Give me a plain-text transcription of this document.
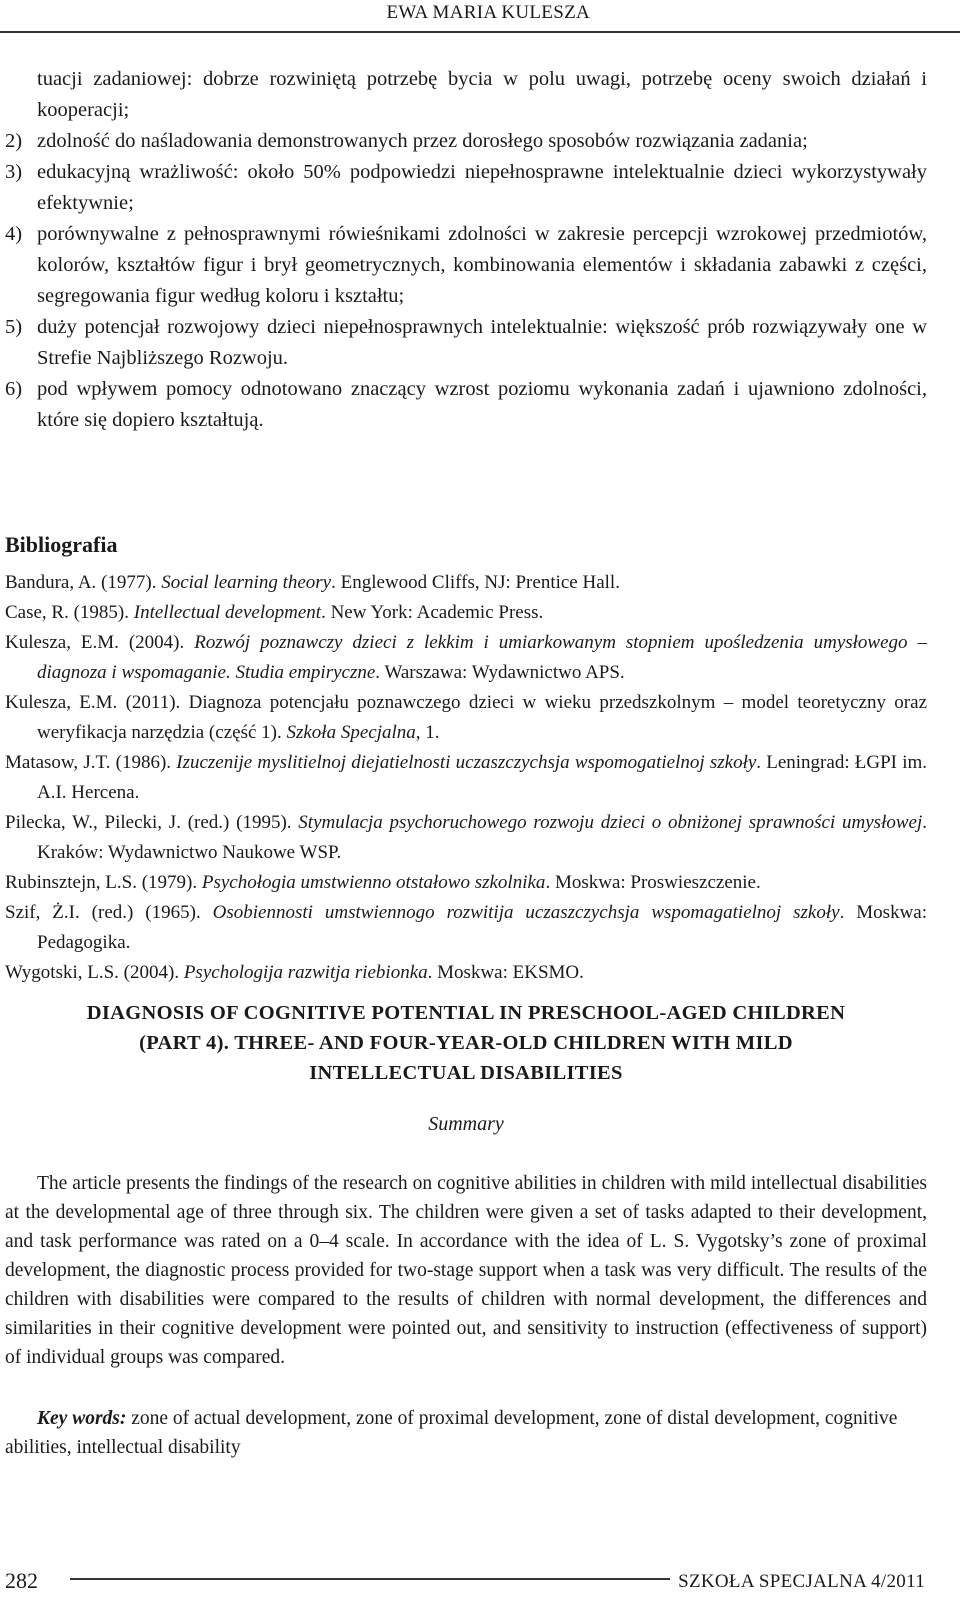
EWA MARIA KULESZA

tuacji zadaniowej: dobrze rozwiniętą potrzebę bycia w polu uwagi, potrzebę oceny swoich działań i kooperacji;

2) zdolność do naśladowania demonstrowanych przez dorosłego sposobów rozwiązania zadania;

3) edukacyjną wrażliwość: około 50% podpowiedzi niepełnosprawne intelektualnie dzieci wykorzystywały efektywnie;

4) porównywalne z pełnosprawnymi rówieśnikami zdolności w zakresie percepcji wzrokowej przedmiotów, kolorów, kształtów figur i brył geometrycznych, kombinowania elementów i składania zabawki z części, segregowania figur według koloru i kształtu;

5) duży potencjał rozwojowy dzieci niepełnosprawnych intelektualnie: większość prób rozwiązywały one w Strefie Najbliższego Rozwoju.

6) pod wpływem pomocy odnotowano znaczący wzrost poziomu wykonania zadań i ujawniono zdolności, które się dopiero kształtują.

Bibliografia

Bandura, A. (1977). Social learning theory. Englewood Cliffs, NJ: Prentice Hall.

Case, R. (1985). Intellectual development. New York: Academic Press.

Kulesza, E.M. (2004). Rozwój poznawczy dzieci z lekkim i umiarkowanym stopniem upośledzenia umysłowego – diagnoza i wspomaganie. Studia empiryczne. Warszawa: Wydawnictwo APS.

Kulesza, E.M. (2011). Diagnoza potencjału poznawczego dzieci w wieku przedszkolnym – model teoretyczny oraz weryfikacja narzędzia (część 1). Szkoła Specjalna, 1.

Matasow, J.T. (1986). Izuczenije myslitielnoj diejatielnosti uczaszczychsja wspomogatielnoj szkoły. Leningrad: ŁGPI im. A.I. Hercena.

Pilecka, W., Pilecki, J. (red.) (1995). Stymulacja psychoruchowego rozwoju dzieci o obniżonej sprawności umysłowej. Kraków: Wydawnictwo Naukowe WSP.

Rubinsztejn, L.S. (1979). Psychołogia umstwienno otstałowo szkolnika. Moskwa: Proswieszczenie.

Szif, Ż.I. (red.) (1965). Osobiennosti umstwiennogo rozwitija uczaszczychsja wspomagatielnoj szkoły. Moskwa: Pedagogika.

Wygotski, L.S. (2004). Psychologija razwitja riebionka. Moskwa: EKSMO.

DIAGNOSIS OF COGNITIVE POTENTIAL IN PRESCHOOL-AGED CHILDREN
(PART 4). THREE- AND FOUR-YEAR-OLD CHILDREN WITH MILD
INTELLECTUAL DISABILITIES
Summary

The article presents the findings of the research on cognitive abilities in children with mild intellectual disabilities at the developmental age of three through six. The children were given a set of tasks adapted to their development, and task performance was rated on a 0–4 scale. In accordance with the idea of L. S. Vygotsky’s zone of proximal development, the diagnostic process provided for two-stage support when a task was very difficult. The results of the children with disabilities were compared to the results of children with normal development, the differences and similarities in their cognitive development were pointed out, and sensitivity to instruction (effectiveness of support) of individual groups was compared.

Key words: zone of actual development, zone of proximal development, zone of distal development, cognitive abilities, intellectual disability

282	SZKOŁA SPECJALNA 4/2011
